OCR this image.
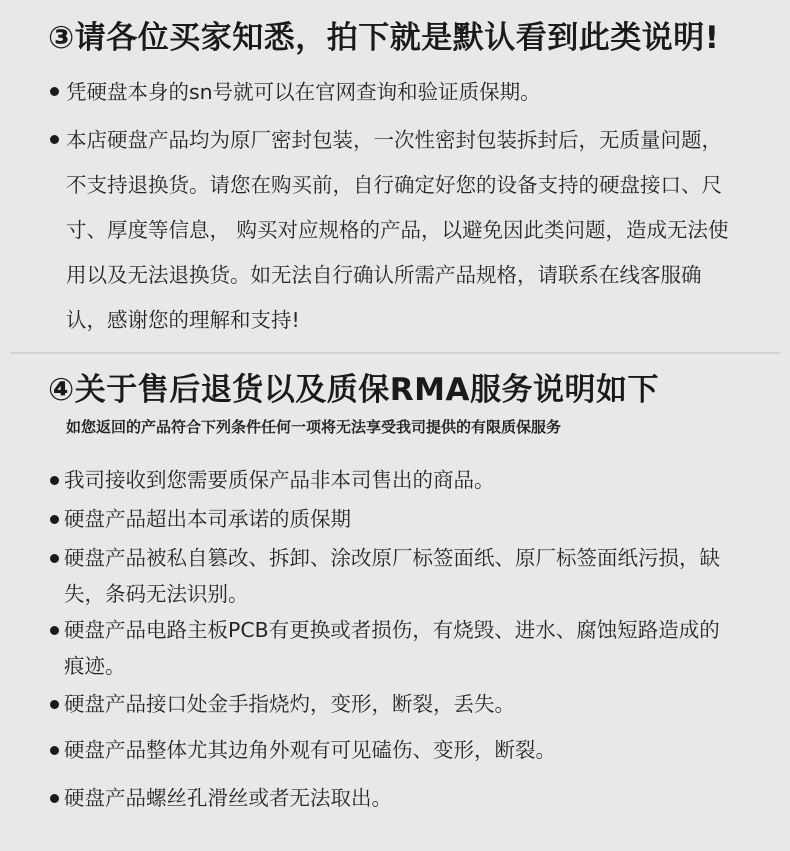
③请各位买家知悉，拍下就是默认看到此类说明!
凭硬盘本身的sn号就可以在官网查询和验证质保期。
本店硬盘产品均为原厂密封包装，一次性密封包装拆封后，无质量问题，不支持退换货。请您在购买前，自行确定好您的设备支持的硬盘接口、尺寸、厚度等信息， 购买对应规格的产品，以避免因此类问题，造成无法使用以及无法退换货。如无法自行确认所需产品规格，请联系在线客服确认，感谢您的理解和支持!
④关于售后退货以及质保RMA服务说明如下
如您返回的产品符合下列条件任何一项将无法享受我司提供的有限质保服务
我司接收到您需要质保产品非本司售出的商品。
硬盘产品超出本司承诺的质保期
硬盘产品被私自篡改、拆卸、涂改原厂标签面纸、原厂标签面纸污损，缺失，条码无法识别。
硬盘产品电路主板PCB有更换或者损伤，有烧毁、进水、腐蚀短路造成的痕迹。
硬盘产品接口处金手指烧灼，变形，断裂，丢失。
硬盘产品整体尤其边角外观有可见磕伤、变形，断裂。
硬盘产品螺丝孔滑丝或者无法取出。
